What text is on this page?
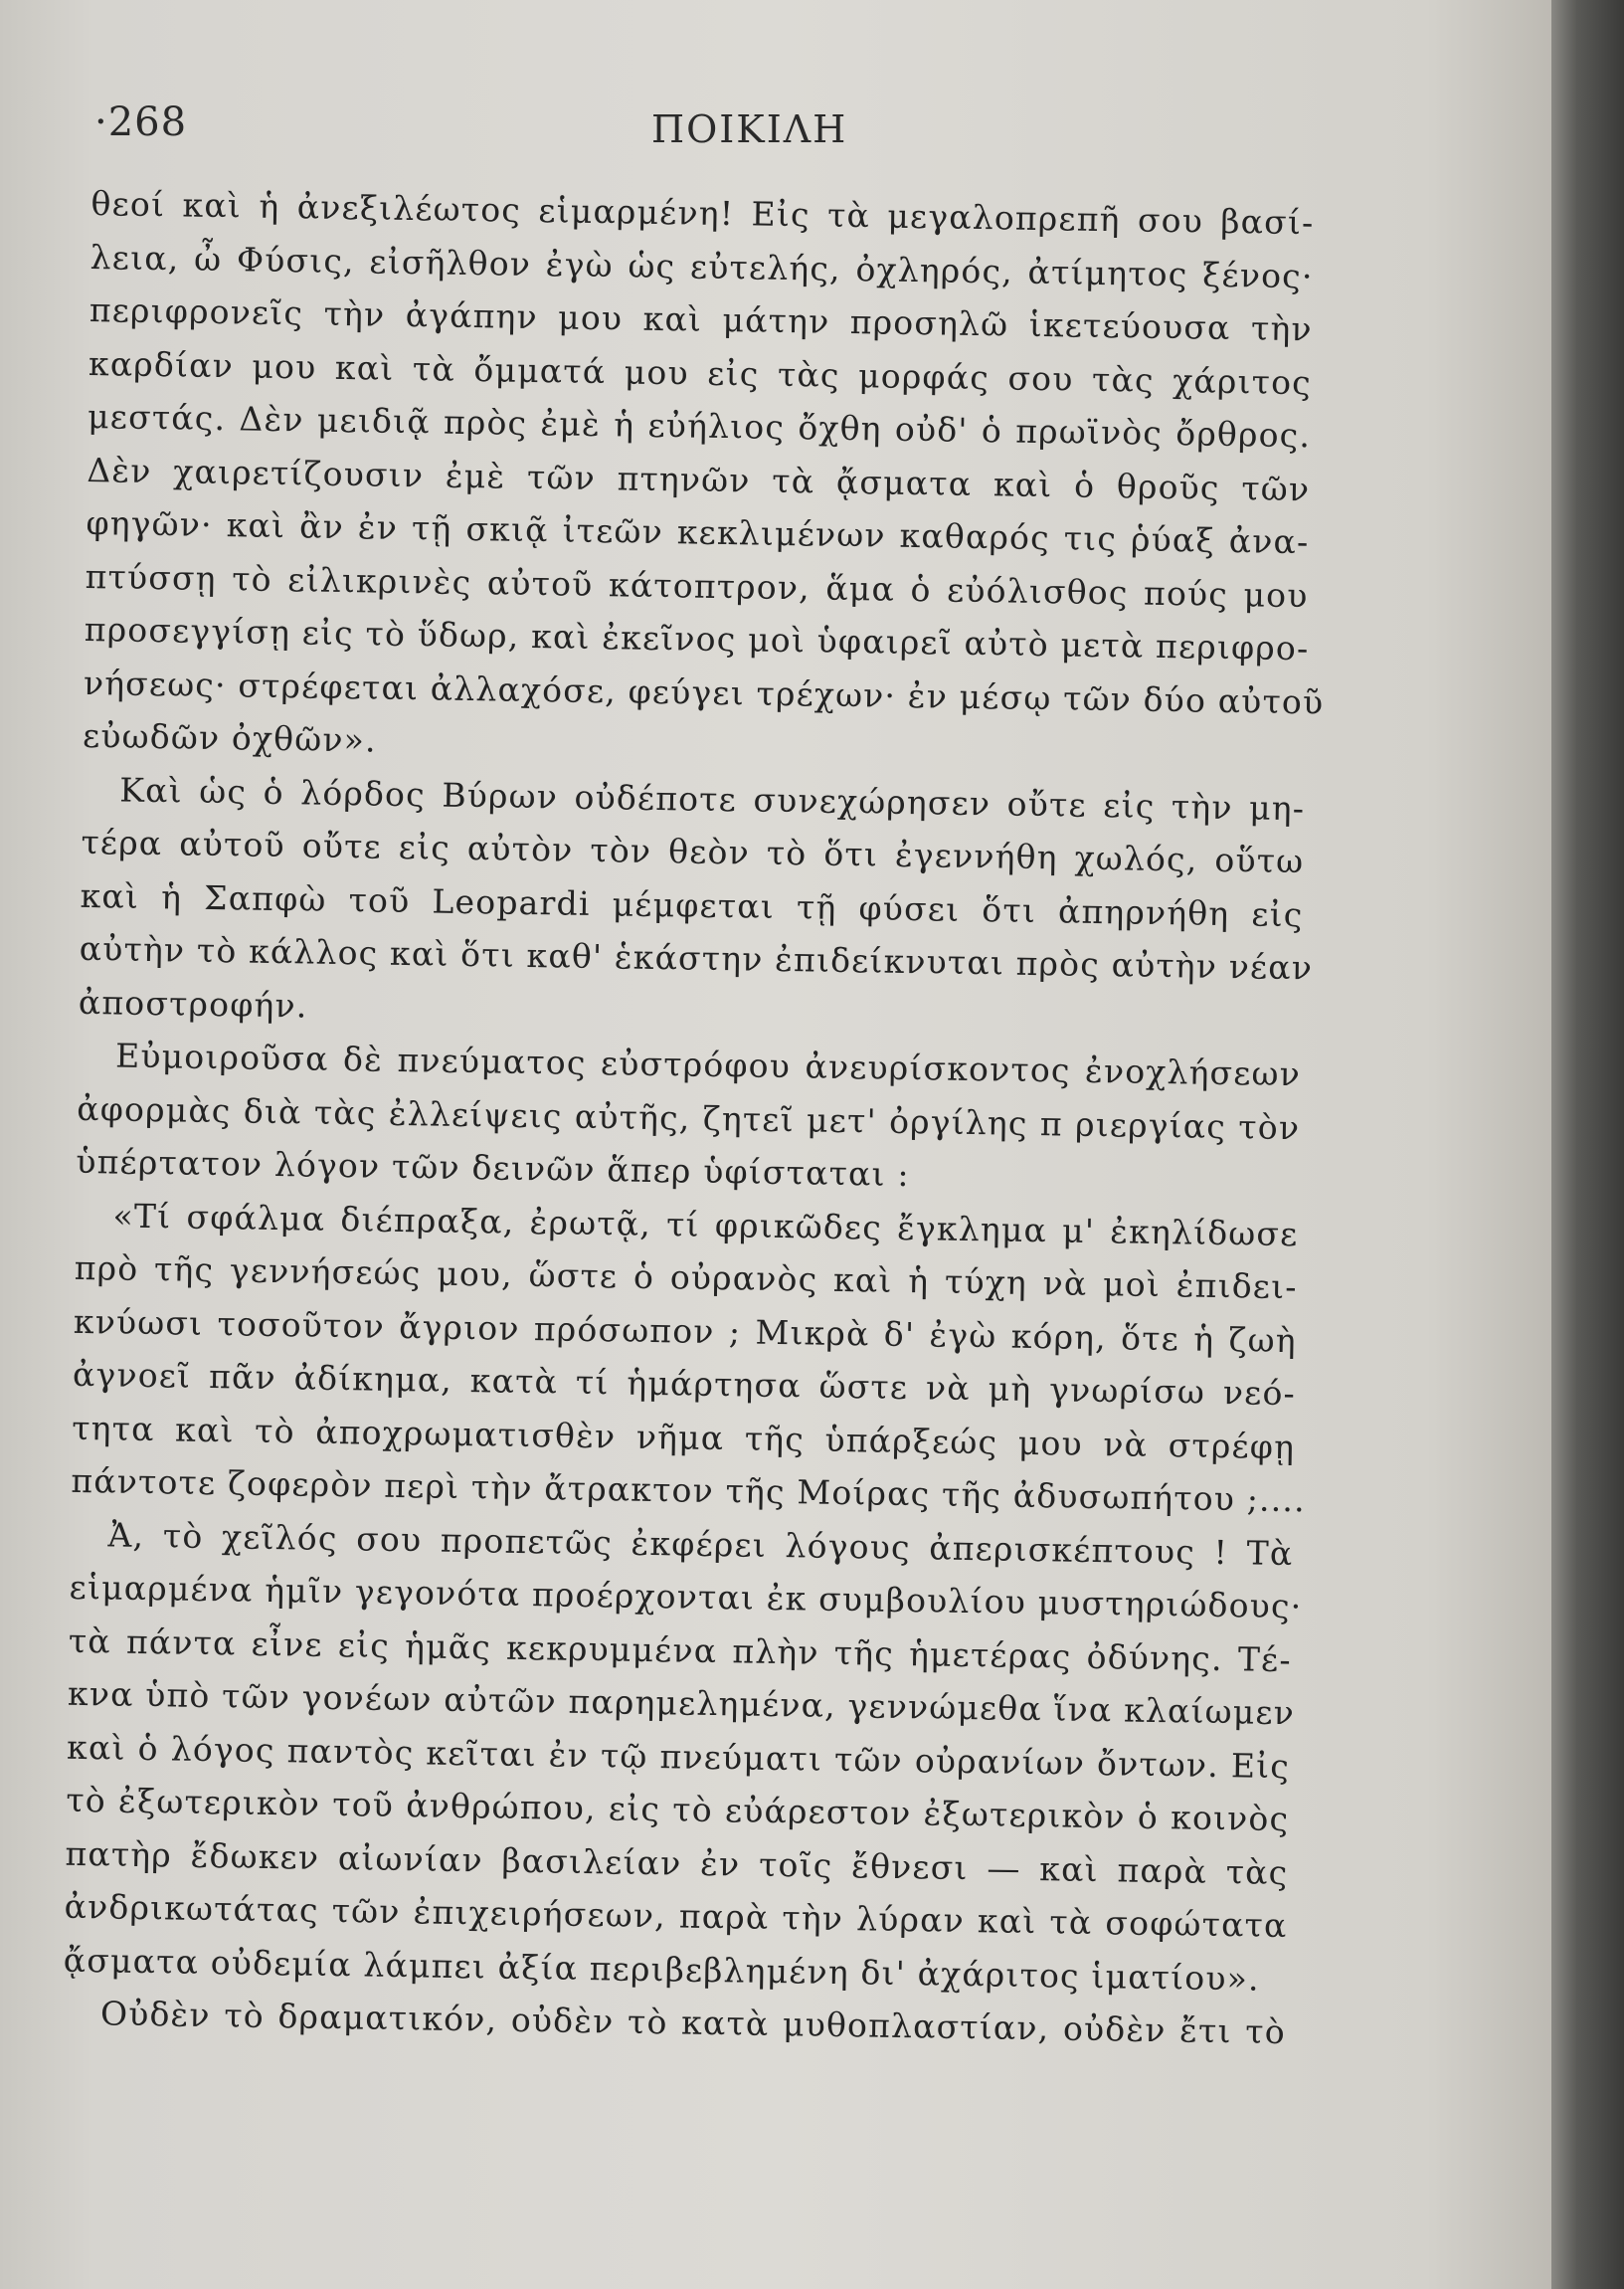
·268	ΠΟΙΚΙΛΗ
θεοί καὶ ἡ ἀνεξιλέωτος εἱμαρμένη! Εἰς τὰ μεγαλοπρεπῆ σου βασί-
λεια, ὦ Φύσις, εἰσῆλθον ἐγὼ ὡς εὐτελής, ὀχληρός, ἀτίμητος ξένος·
περιφρονεῖς τὴν ἀγάπην μου καὶ μάτην προσηλῶ ἱκετεύουσα τὴν
καρδίαν μου καὶ τὰ ὄμματά μου εἰς τὰς μορφάς σου τὰς χάριτος
μεστάς. Δὲν μειδιᾷ πρὸς ἐμὲ ἡ εὐήλιος ὄχθη οὐδ' ὁ πρωϊνὸς ὄρθρος.
Δὲν χαιρετίζουσιν ἐμὲ τῶν πτηνῶν τὰ ᾄσματα καὶ ὁ θροῦς τῶν
φηγῶν· καὶ ἂν ἐν τῇ σκιᾷ ἰτεῶν κεκλιμένων καθαρός τις ῥύαξ ἀνα-
πτύσσῃ τὸ εἰλικρινὲς αὐτοῦ κάτοπτρον, ἅμα ὁ εὐόλισθος πούς μου
προσεγγίσῃ εἰς τὸ ὕδωρ, καὶ ἐκεῖνος μοὶ ὑφαιρεῖ αὐτὸ μετὰ περιφρο-
νήσεως· στρέφεται ἀλλαχόσε, φεύγει τρέχων· ἐν μέσῳ τῶν δύο αὐτοῦ
εὐωδῶν ὀχθῶν».
Καὶ ὡς ὁ λόρδος Βύρων οὐδέποτε συνεχώρησεν οὔτε εἰς τὴν μη-
τέρα αὐτοῦ οὔτε εἰς αὐτὸν τὸν θεὸν τὸ ὅτι ἐγεννήθη χωλός, οὕτω
καὶ ἡ Σαπφὼ τοῦ Leopardi μέμφεται τῇ φύσει ὅτι ἀπηρνήθη εἰς
αὐτὴν τὸ κάλλος καὶ ὅτι καθ' ἑκάστην ἐπιδείκνυται πρὸς αὐτὴν νέαν
ἀποστροφήν.
Εὐμοιροῦσα δὲ πνεύματος εὐστρόφου ἀνευρίσκοντος ἐνοχλήσεων
ἀφορμὰς διὰ τὰς ἐλλείψεις αὐτῆς, ζητεῖ μετ' ὀργίλης π ριεργίας τὸν
ὑπέρτατον λόγον τῶν δεινῶν ἅπερ ὑφίσταται :
«Τί σφάλμα διέπραξα, ἐρωτᾷ, τί φρικῶδες ἔγκλημα μ' ἐκηλίδωσε
πρὸ τῆς γεννήσεώς μου, ὥστε ὁ οὐρανὸς καὶ ἡ τύχη νὰ μοὶ ἐπιδει-
κνύωσι τοσοῦτον ἄγριον πρόσωπον ; Μικρὰ δ' ἐγὼ κόρη, ὅτε ἡ ζωὴ
ἀγνοεῖ πᾶν ἀδίκημα, κατὰ τί ἡμάρτησα ὥστε νὰ μὴ γνωρίσω νεό-
τητα καὶ τὸ ἀποχρωματισθὲν νῆμα τῆς ὑπάρξεώς μου νὰ στρέφῃ
πάντοτε ζοφερὸν περὶ τὴν ἄτρακτον τῆς Μοίρας τῆς ἀδυσωπήτου ;....
Ἀ, τὸ χεῖλός σου προπετῶς ἐκφέρει λόγους ἀπερισκέπτους ! Τὰ
εἱμαρμένα ἡμῖν γεγονότα προέρχονται ἐκ συμβουλίου μυστηριώδους·
τὰ πάντα εἶνε εἰς ἡμᾶς κεκρυμμένα πλὴν τῆς ἡμετέρας ὀδύνης. Τέ-
κνα ὑπὸ τῶν γονέων αὐτῶν παρημελημένα, γεννώμεθα ἵνα κλαίωμεν
καὶ ὁ λόγος παντὸς κεῖται ἐν τῷ πνεύματι τῶν οὐρανίων ὄντων. Εἰς
τὸ ἐξωτερικὸν τοῦ ἀνθρώπου, εἰς τὸ εὐάρεστον ἐξωτερικὸν ὁ κοινὸς
πατὴρ ἔδωκεν αἰωνίαν βασιλείαν ἐν τοῖς ἔθνεσι — καὶ παρὰ τὰς
ἀνδρικωτάτας τῶν ἐπιχειρήσεων, παρὰ τὴν λύραν καὶ τὰ σοφώτατα
ᾄσματα οὐδεμία λάμπει ἀξία περιβεβλημένη δι' ἀχάριτος ἱματίου».
Οὐδὲν τὸ δραματικόν, οὐδὲν τὸ κατὰ μυθοπλαστίαν, οὐδὲν ἔτι τὸ
